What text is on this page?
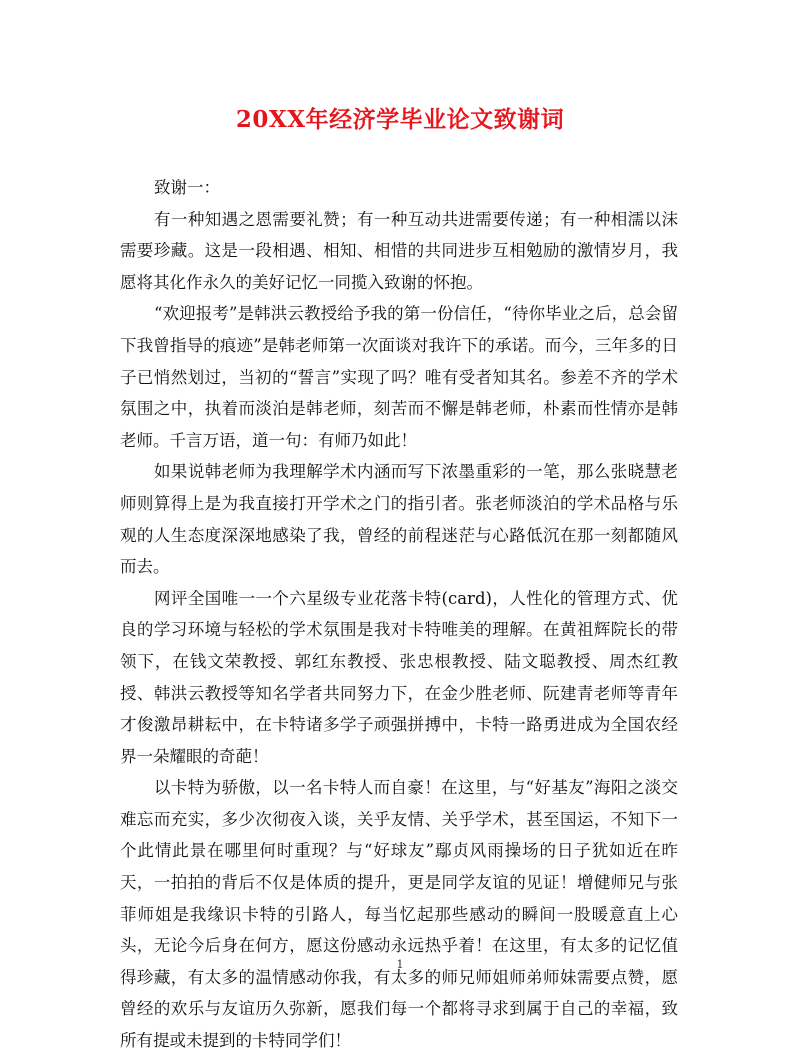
20XX年经济学毕业论文致谢词

致谢一：

有一种知遇之恩需要礼赞；有一种互动共进需要传递；有一种相濡以沫需要珍藏。这是一段相遇、相知、相惜的共同进步互相勉励的激情岁月，我愿将其化作永久的美好记忆一同揽入致谢的怀抱。

“欢迎报考”是韩洪云教授给予我的第一份信任，“待你毕业之后，总会留下我曾指导的痕迹”是韩老师第一次面谈对我许下的承诺。而今，三年多的日子已悄然划过，当初的“誓言”实现了吗？唯有受者知其名。参差不齐的学术氛围之中，执着而淡泊是韩老师，刻苦而不懈是韩老师，朴素而性情亦是韩老师。千言万语，道一句：有师乃如此！

如果说韩老师为我理解学术内涵而写下浓墨重彩的一笔，那么张晓慧老师则算得上是为我直接打开学术之门的指引者。张老师淡泊的学术品格与乐观的人生态度深深地感染了我，曾经的前程迷茫与心路低沉在那一刻都随风而去。

网评全国唯一一个六星级专业花落卡特(card)，人性化的管理方式、优良的学习环境与轻松的学术氛围是我对卡特唯美的理解。在黄祖辉院长的带领下，在钱文荣教授、郭红东教授、张忠根教授、陆文聪教授、周杰红教授、韩洪云教授等知名学者共同努力下，在金少胜老师、阮建青老师等青年才俊激昂耕耘中，在卡特诸多学子顽强拼搏中，卡特一路勇进成为全国农经界一朵耀眼的奇葩！

以卡特为骄傲，以一名卡特人而自豪！在这里，与“好基友”海阳之淡交难忘而充实，多少次彻夜入谈，关乎友情、关乎学术，甚至国运，不知下一个此情此景在哪里何时重现？与“好球友”鄢贞风雨操场的日子犹如近在昨天，一拍拍的背后不仅是体质的提升，更是同学友谊的见证！增健师兄与张菲师姐是我缘识卡特的引路人，每当忆起那些感动的瞬间一股暖意直上心头，无论今后身在何方，愿这份感动永远热乎着！在这里，有太多的记忆值得珍藏，有太多的温情感动你我，有太多的师兄师姐师弟师妹需要点赞，愿曾经的欢乐与友谊历久弥新，愿我们每一个都将寻求到属于自己的幸福，致所有提或未提到的卡特同学们！

1
